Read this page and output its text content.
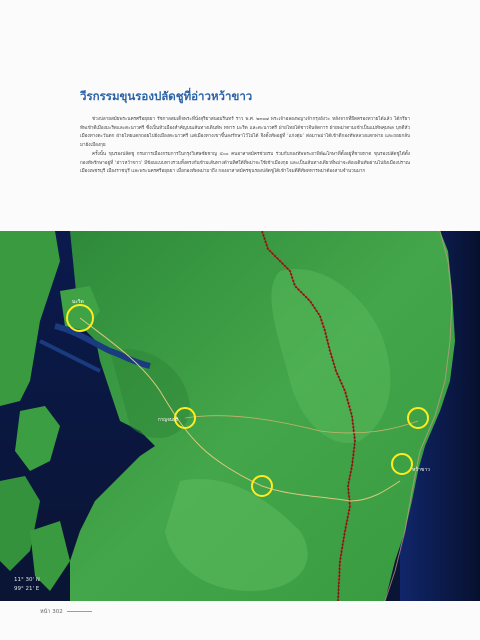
วีรกรรมขุนรองปลัดชูที่อ่าวหว้าขาว

ช่วงปลายสมัยพระนครศรีอยุธยา รัชกาลสมเด็จพระที่นั่งสุริยาสนอมรินทร์ ราว พ.ศ. ๒๓๐๗ พระเจ้าอลองพญาเจ้ากรุงอังวะ หลังจากที่ยึดครองทวายได้แล้ว ได้กรีธาทัพเข้าตีเมืองมะริดและตะนาวศรี ซึ่งเป็นหัวเมืองสำคัญบนเส้นทางเดินทัพ ทหาร มะริด และตะนาวศรี ฝ่ายไทยได้ชาวจีนจัดการ ฝ่ายพม่าตามเข้าเป็นแม่ทัพคุมพล บุกตีหัวเมืองทางตะวันตก ฝ่ายไทยแตกถอยไปยังเมืองตะนาวศรี แต่เมืองทางเขาขึ้นลงรักษาไว้ไม่ได้ จึงตั้งทัพอยู่ที่ ‘แก่งตุ่ม’ ต่อมาพม่าได้เข้าตีกองทัพหลวงแตกพ่าย และถอยกลับมายังเมืองกุย

ครั้งนั้น ขุนรองปลัดชู กรมการเมืองกรมการในกรุงวิเศษชัยชาญ ๔๐๐ คนอาสาสมัครช่วยรบ ร่วมกับกองทัพพระยาพิพัฒโกษาที่ตั้งอยู่ที่ชายหาด ขุนรองปลัดชูได้ตั้งกองทัพรักษาอยู่ที่ ‘อ่าวหว้าขาว’ มีข้อมแบบทางรวมทั้งตรงกันข้ามเส้นทางด้านทิศใต้ที่พม่าจะใช้เข้าเมืองกุย และเป็นเส้นทางเดียวที่พม่าจะต้องเดินทัพผ่านไปยังเมืองปราณ เมืองเพชรบุรี เมืองราชบุรี และพระนครศรีอยุธยา เมื่อกองทัพพม่ามาถึง กองอาสาสมัครขุนรองปลัดชูได้เข้าโจมตีตีทัพทหารพม่าต้องสาบจำนวนมาก

มะริด
กาญจนบุรี
หว้าขาว
11° 30' N
99° 21' E
หน้า 302
